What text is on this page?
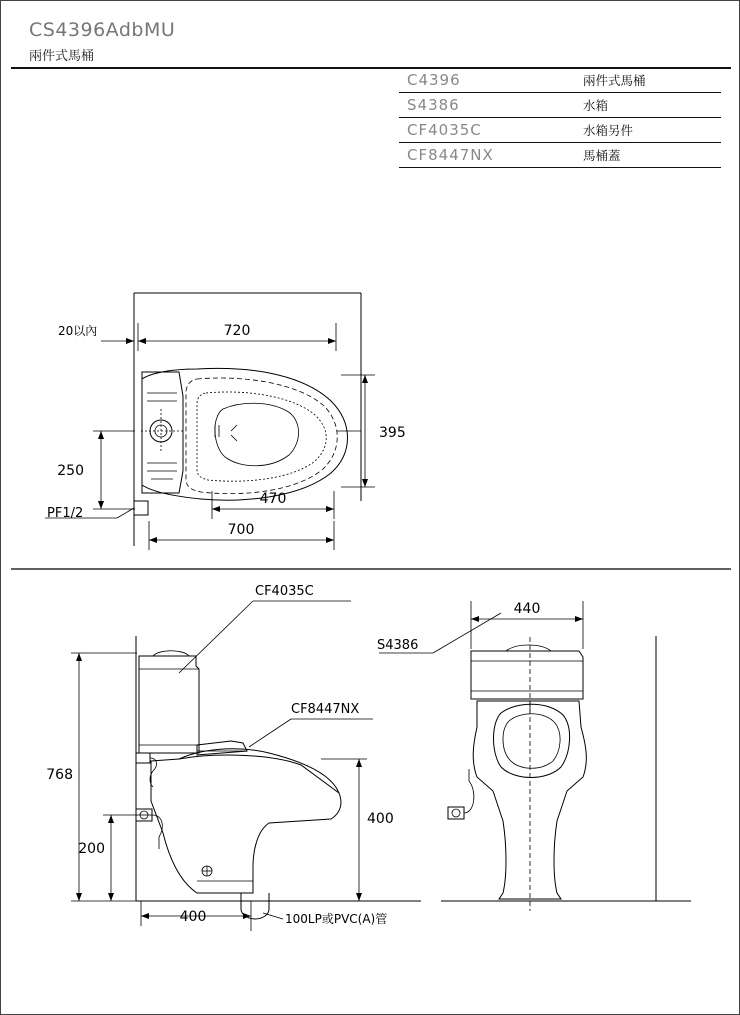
CS4396AdbMU
兩件式馬桶
C4396	兩件式馬桶
S4386	水箱
CF4035C	水箱另件
CF8447NX	馬桶蓋
720
20以內
395
250
PF1/2
470
700
768
200
400
400
CF4035C
S4386
CF8447NX
100LP或PVC(A)管
440
